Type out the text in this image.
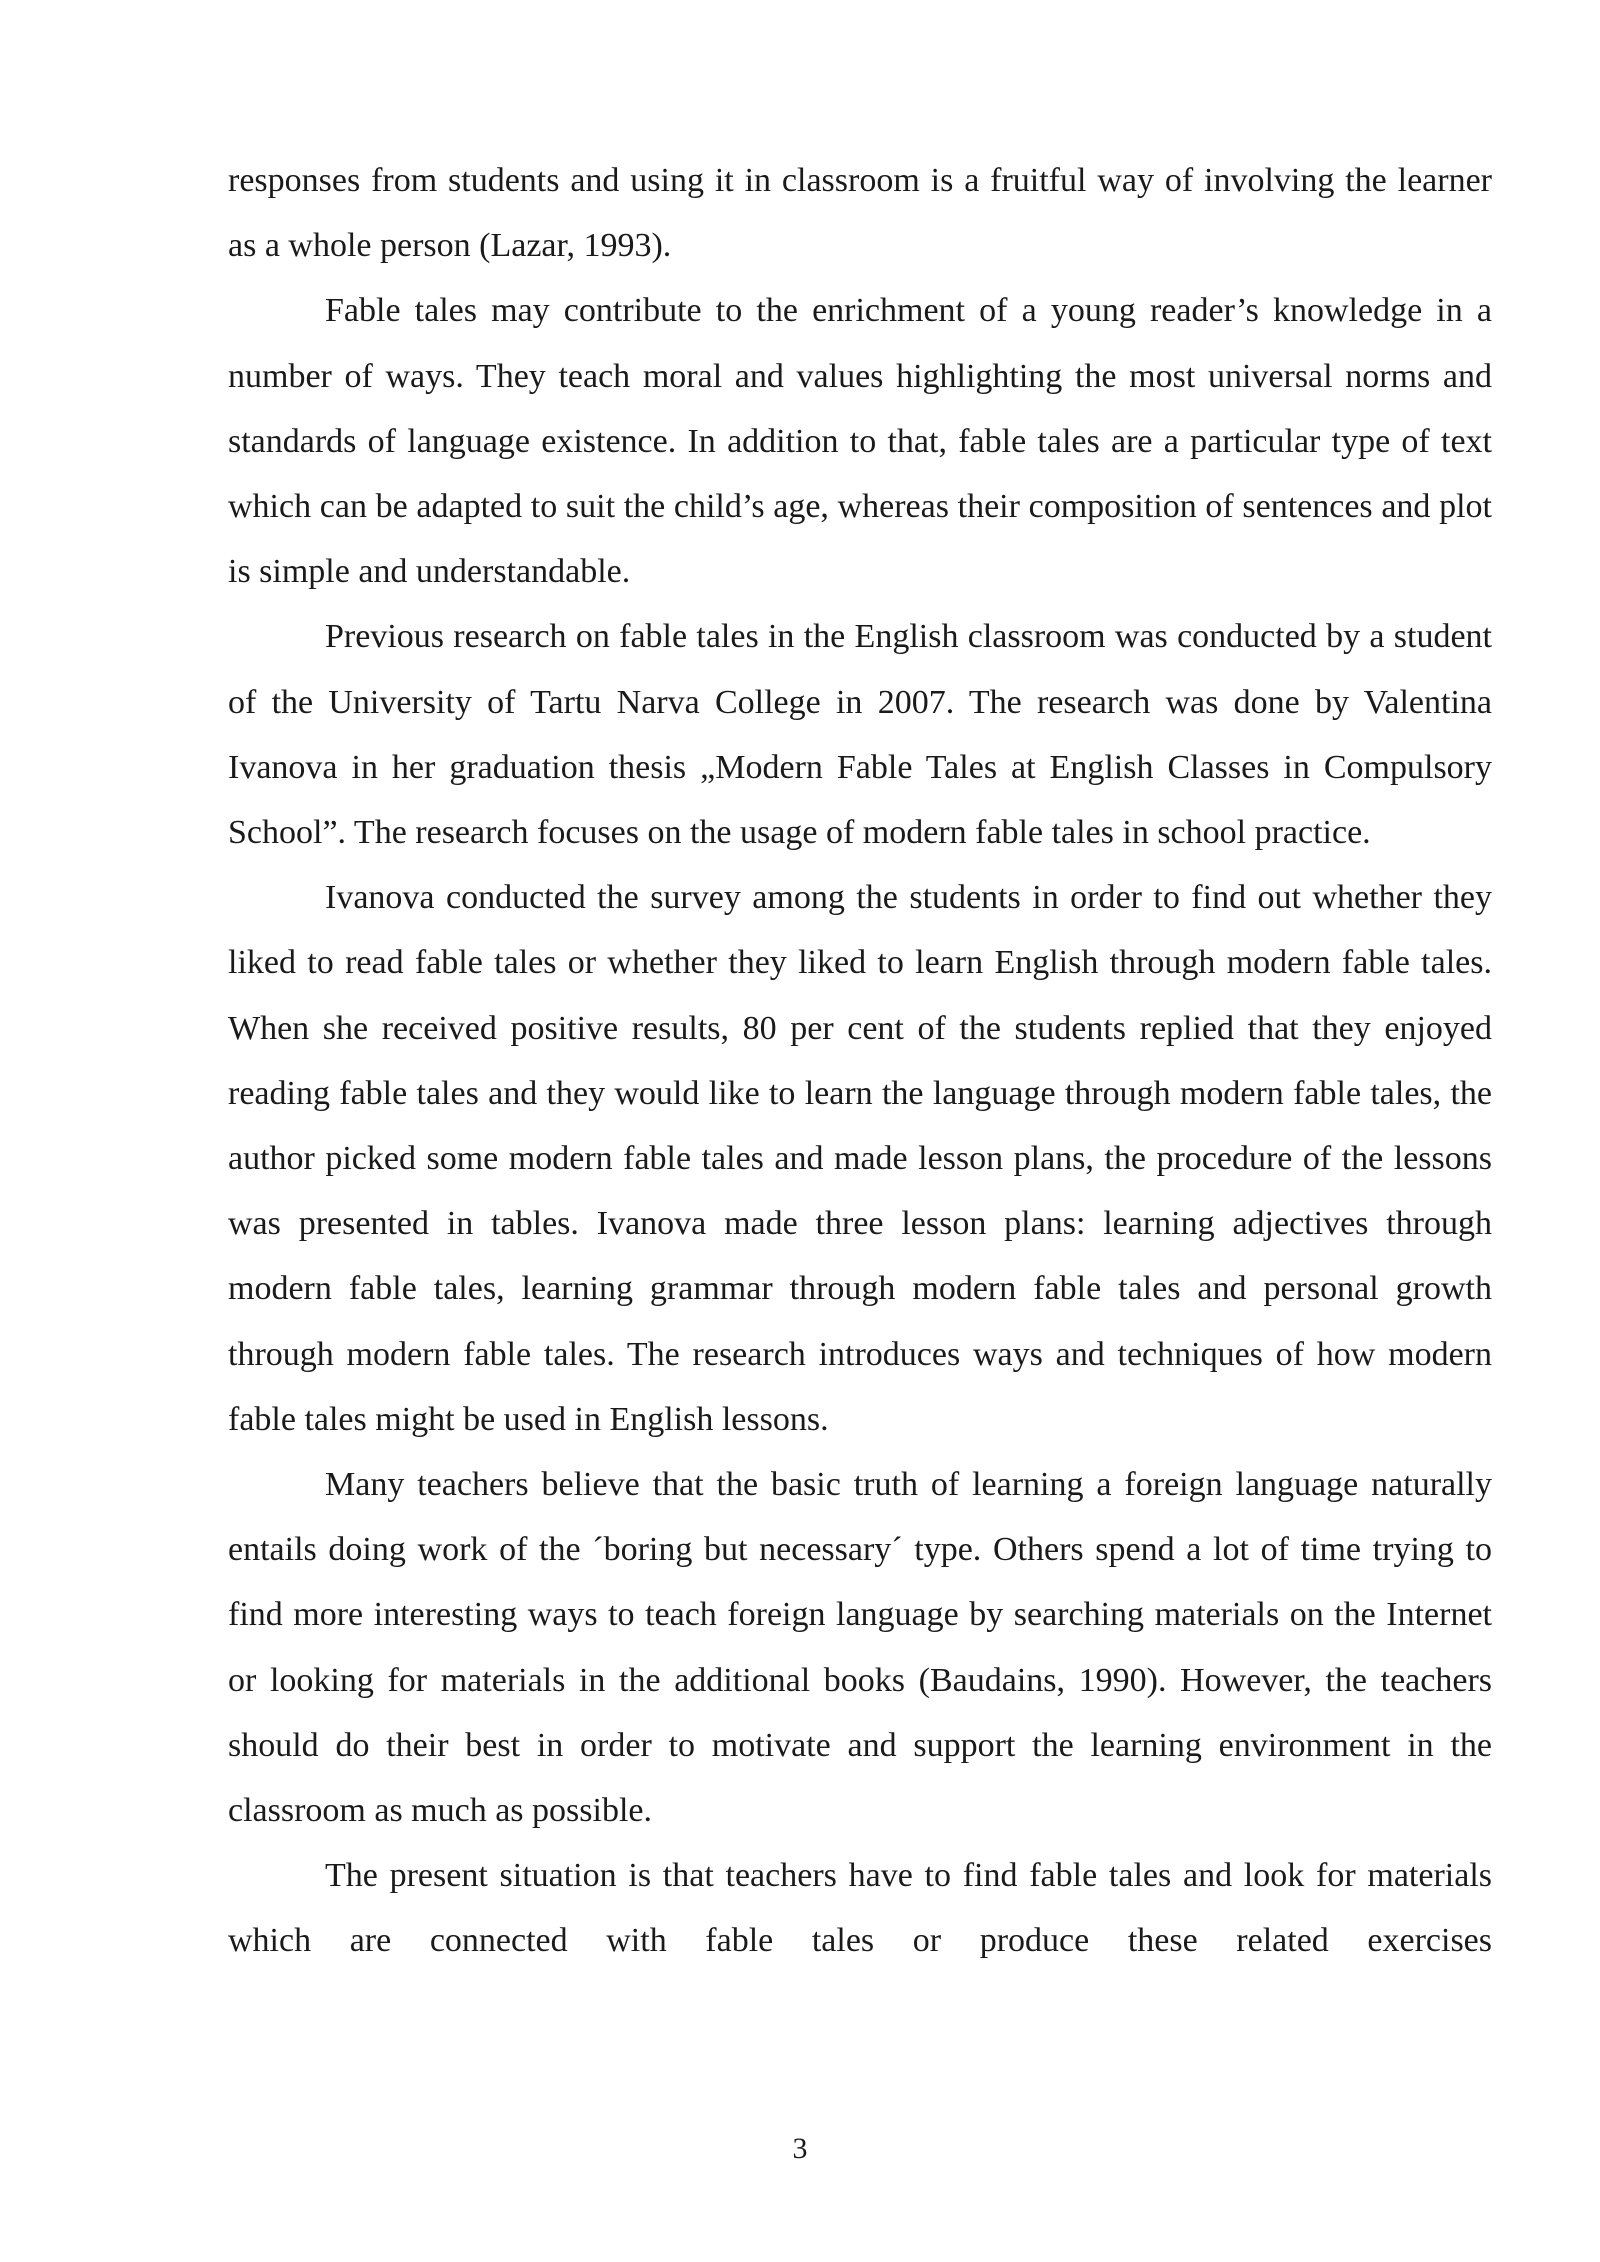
responses from students and using it in classroom is a fruitful way of involving the learner as a whole person (Lazar, 1993).

Fable tales may contribute to the enrichment of a young reader’s knowledge in a number of ways. They teach moral and values highlighting the most universal norms and standards of language existence. In addition to that, fable tales are a particular type of text which can be adapted to suit the child’s age, whereas their composition of sentences and plot is simple and understandable.

Previous research on fable tales in the English classroom was conducted by a student of the University of Tartu Narva College in 2007. The research was done by Valentina Ivanova in her graduation thesis „Modern Fable Tales at English Classes in Compulsory School”. The research focuses on the usage of modern fable tales in school practice.

Ivanova conducted the survey among the students in order to find out whether they liked to read fable tales or whether they liked to learn English through modern fable tales. When she received positive results, 80 per cent of the students replied that they enjoyed reading fable tales and they would like to learn the language through modern fable tales, the author picked some modern fable tales and made lesson plans, the procedure of the lessons was presented in tables. Ivanova made three lesson plans: learning adjectives through modern fable tales, learning grammar through modern fable tales and personal growth through modern fable tales. The research introduces ways and techniques of how modern fable tales might be used in English lessons.

Many teachers believe that the basic truth of learning a foreign language naturally entails doing work of the ´boring but necessary´ type. Others spend a lot of time trying to find more interesting ways to teach foreign language by searching materials on the Internet or looking for materials in the additional books (Baudains, 1990). However, the teachers should do their best in order to motivate and support the learning environment in the classroom as much as possible.

The present situation is that teachers have to find fable tales and look for materials which are connected with fable tales or produce these related exercises

3
